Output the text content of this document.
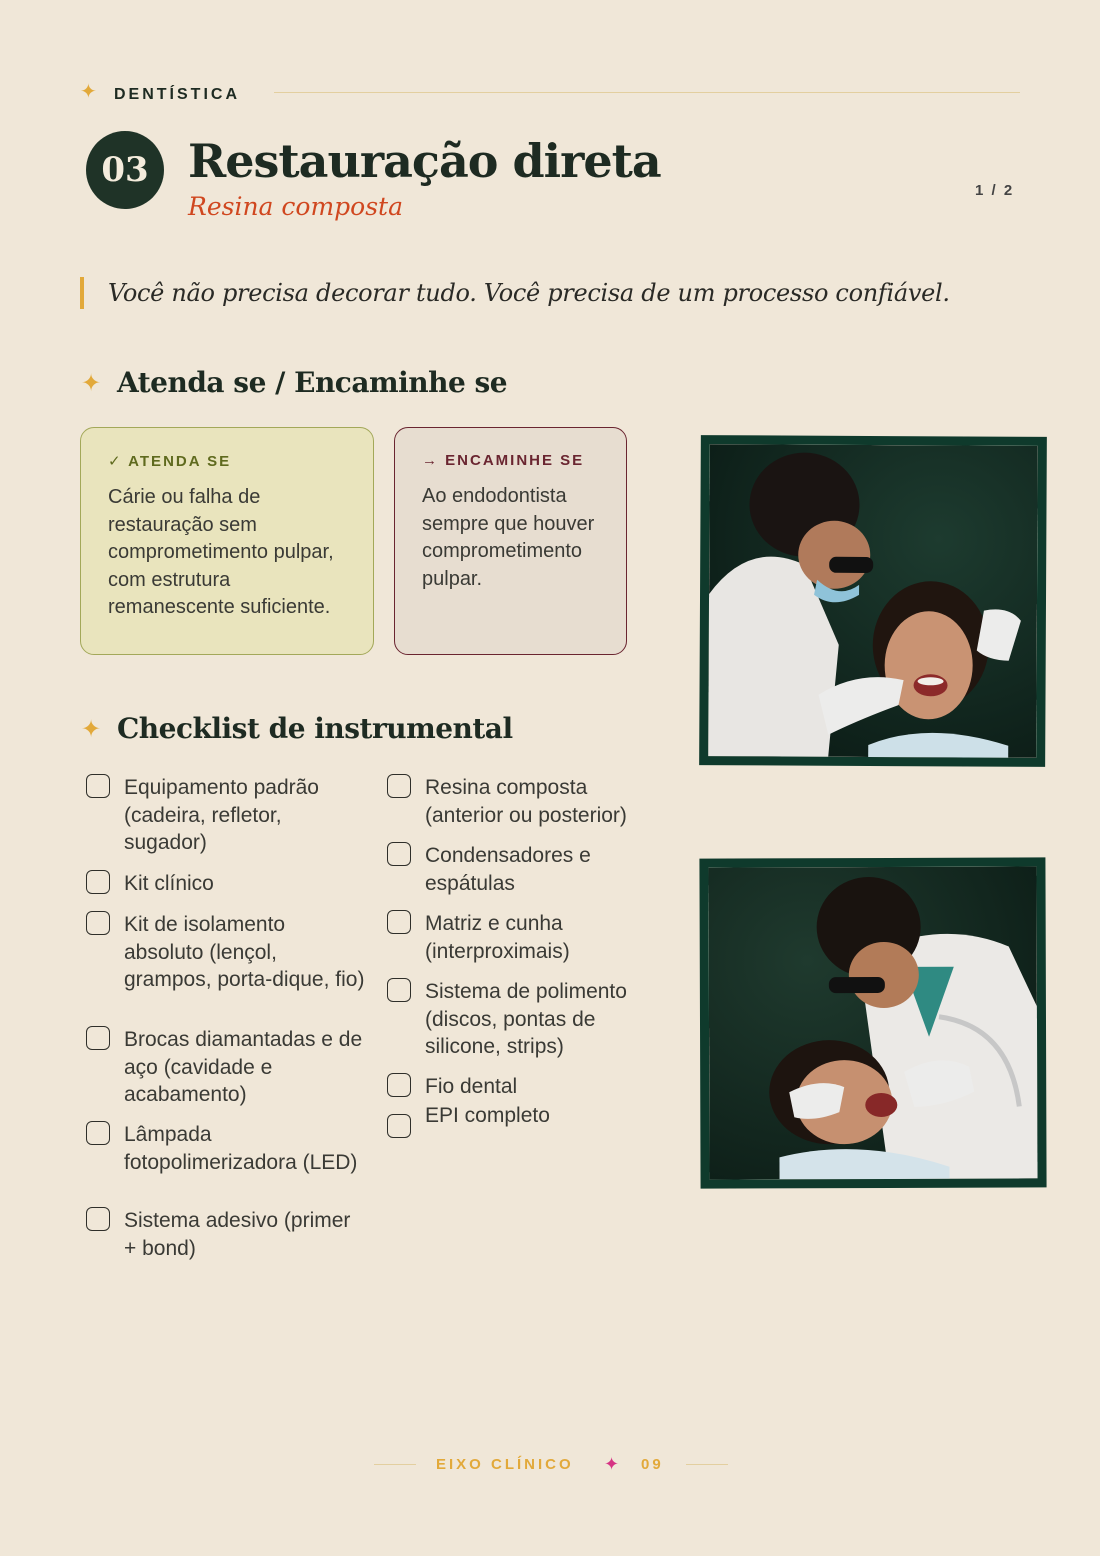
✦ DENTÍSTICA
03 Restauração direta
Resina composta
1 / 2
Você não precisa decorar tudo. Você precisa de um processo confiável.
✦ Atenda se / Encaminhe se
✓ ATENDA SE
Cárie ou falha de restauração sem comprometimento pulpar, com estrutura remanescente suficiente.
→ ENCAMINHE SE
Ao endodontista sempre que houver comprometimento pulpar.
✦ Checklist de instrumental
Equipamento padrão (cadeira, refletor, sugador)
Kit clínico
Kit de isolamento absoluto (lençol, grampos, porta-dique, fio)
Brocas diamantadas e de aço (cavidade e acabamento)
Lâmpada fotopolimerizadora (LED)
Sistema adesivo (primer + bond)
Resina composta (anterior ou posterior)
Condensadores e espátulas
Matriz e cunha (interproximais)
Sistema de polimento (discos, pontas de silicone, strips)
Fio dental
EPI completo
EIXO CLÍNICO ✦ 09
